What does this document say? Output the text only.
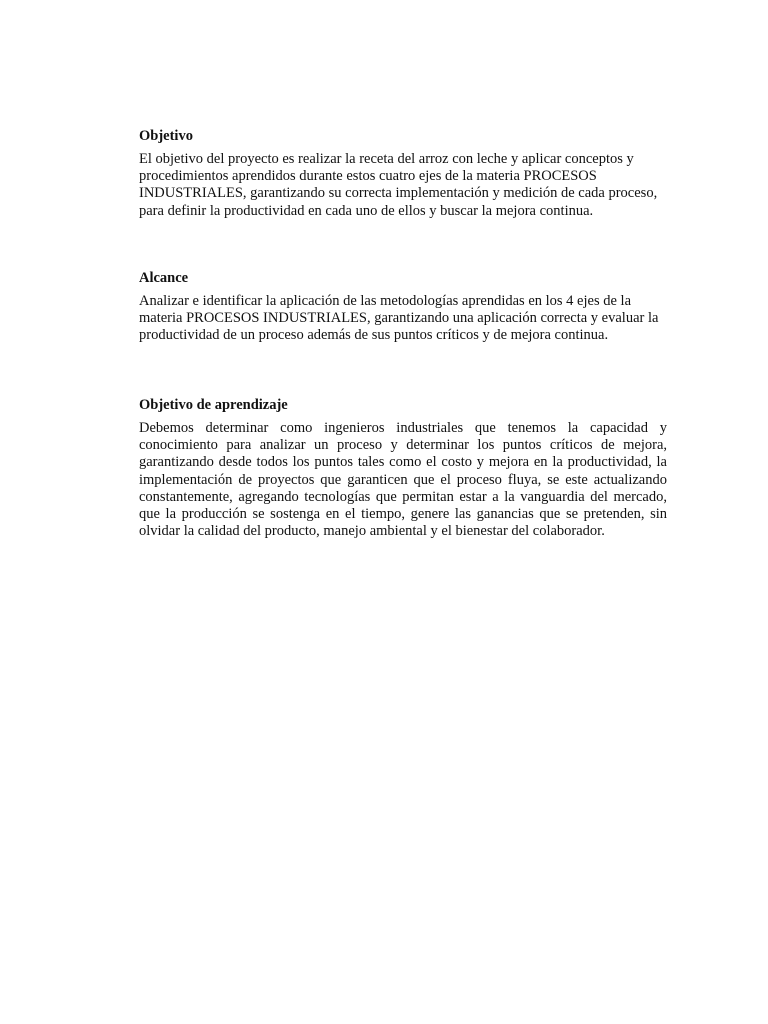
Objetivo

El objetivo del proyecto es realizar la receta del arroz con leche y aplicar conceptos y procedimientos aprendidos durante estos cuatro ejes de la materia PROCESOS INDUSTRIALES, garantizando su correcta implementación y medición de cada proceso, para definir la productividad en cada uno de ellos y buscar la mejora continua.

Alcance

Analizar e identificar la aplicación de las metodologías aprendidas en los 4 ejes de la materia PROCESOS INDUSTRIALES, garantizando una aplicación correcta y evaluar la productividad de un proceso además de sus puntos críticos y de mejora continua.

Objetivo de aprendizaje

Debemos determinar como ingenieros industriales que tenemos la capacidad y conocimiento para analizar un proceso y determinar los puntos críticos de mejora, garantizando desde todos los puntos tales como el costo y mejora en la productividad, la implementación de proyectos que garanticen que el proceso fluya, se este actualizando constantemente, agregando tecnologías que permitan estar a la vanguardia del mercado, que la producción se sostenga en el tiempo, genere las ganancias que se pretenden, sin olvidar la calidad del producto, manejo ambiental y el bienestar del colaborador.
